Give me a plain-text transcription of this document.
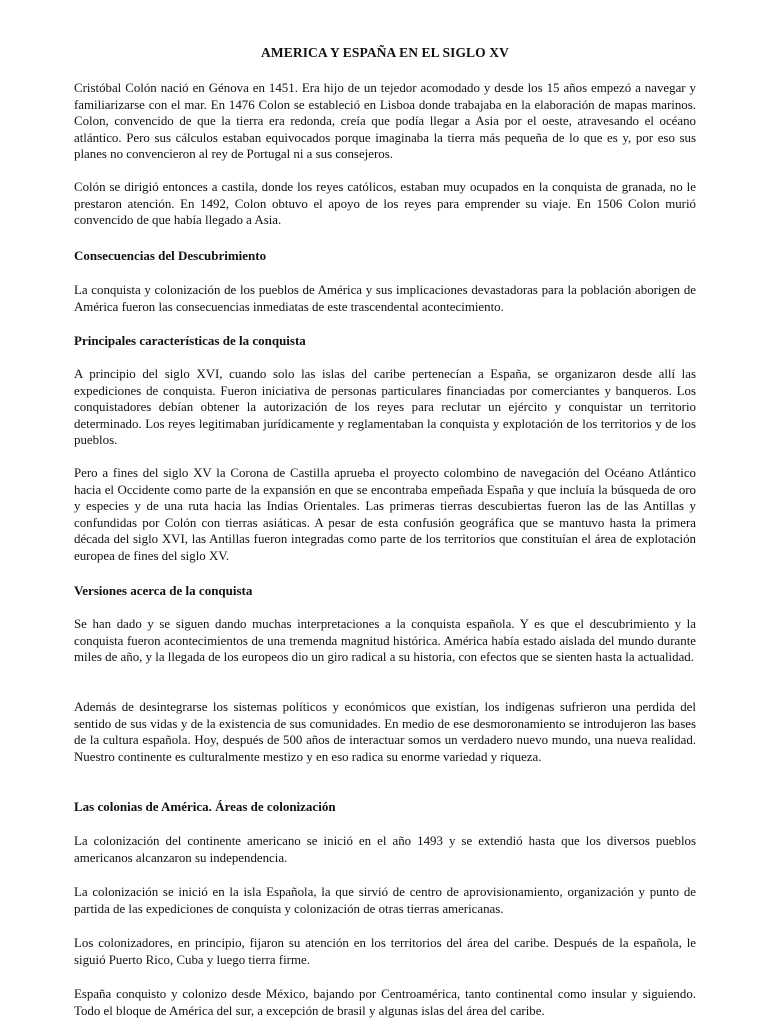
AMERICA Y ESPAÑA EN EL SIGLO XV

Cristóbal Colón nació en Génova en 1451. Era hijo de un tejedor acomodado y desde los 15 años empezó a navegar y familiarizarse con el mar. En 1476 Colon se estableció en Lisboa donde trabajaba en la elaboración de mapas marinos. Colon, convencido de que la tierra era redonda, creía que podía llegar a Asia por el oeste, atravesando el océano atlántico. Pero sus cálculos estaban equivocados porque imaginaba la tierra más pequeña de lo que es y, por eso sus planes no convencieron al rey de Portugal ni a sus consejeros.

Colón se dirigió entonces a castila, donde los reyes católicos, estaban muy ocupados en la conquista de granada, no le prestaron atención. En 1492, Colon obtuvo el apoyo de los reyes para emprender su viaje. En 1506 Colon murió convencido de que había llegado a Asia.

Consecuencias del Descubrimiento

La conquista y colonización de los pueblos de América y sus implicaciones devastadoras para la población aborigen de América fueron las consecuencias inmediatas de este trascendental acontecimiento.

Principales características de la conquista

A principio del siglo XVI, cuando solo las islas del caribe pertenecían a España, se organizaron desde allí las expediciones de conquista. Fueron iniciativa de personas particulares financiadas por comerciantes y banqueros. Los conquistadores debían obtener la autorización de los reyes para reclutar un ejército y conquistar un territorio determinado. Los reyes legitimaban jurídicamente y reglamentaban la conquista y explotación de los territorios y de los pueblos.

Pero a fines del siglo XV la Corona de Castilla aprueba el proyecto colombino de navegación del Océano Atlántico hacia el Occidente como parte de la expansión en que se encontraba empeñada España y que incluía la búsqueda de oro y especies y de una ruta hacia las Indias Orientales. Las primeras tierras descubiertas fueron las de las Antillas y confundidas por Colón con tierras asiáticas. A pesar de esta confusión geográfica que se mantuvo hasta la primera década del siglo XVI, las Antillas fueron integradas como parte de los territorios que constituían el área de explotación europea de fines del siglo XV.

Versiones acerca de la conquista

Se han dado y se siguen dando muchas interpretaciones a la conquista española. Y es que el descubrimiento y la conquista fueron acontecimientos de una tremenda magnitud histórica. América había estado aislada del mundo durante miles de año, y la llegada de los europeos dio un giro radical a su historia, con efectos que se sienten hasta la actualidad.

Además de desintegrarse los sistemas políticos y económicos que existían, los indígenas sufrieron una perdida del sentido de sus vidas y de la existencia de sus comunidades. En medio de ese desmoronamiento se introdujeron las bases de la cultura española. Hoy, después de 500 años de interactuar somos un verdadero nuevo mundo, una nueva realidad. Nuestro continente es culturalmente mestizo y en eso radica su enorme variedad y riqueza.

Las colonias de América. Áreas de colonización

La colonización del continente americano se inició en el año 1493 y se extendió hasta que los diversos pueblos americanos alcanzaron su independencia.

La colonización se inició en la isla Española, la que sirvió de centro de aprovisionamiento, organización y punto de partida de las expediciones de conquista y colonización de otras tierras americanas.

Los colonizadores, en principio, fijaron su atención en los territorios del área del caribe. Después de la española, le siguió Puerto Rico, Cuba y luego tierra firme.

España conquisto y colonizo desde México, bajando por Centroamérica, tanto continental como insular y siguiendo. Todo el bloque de América del sur, a excepción de brasil y algunas islas del área del caribe.
